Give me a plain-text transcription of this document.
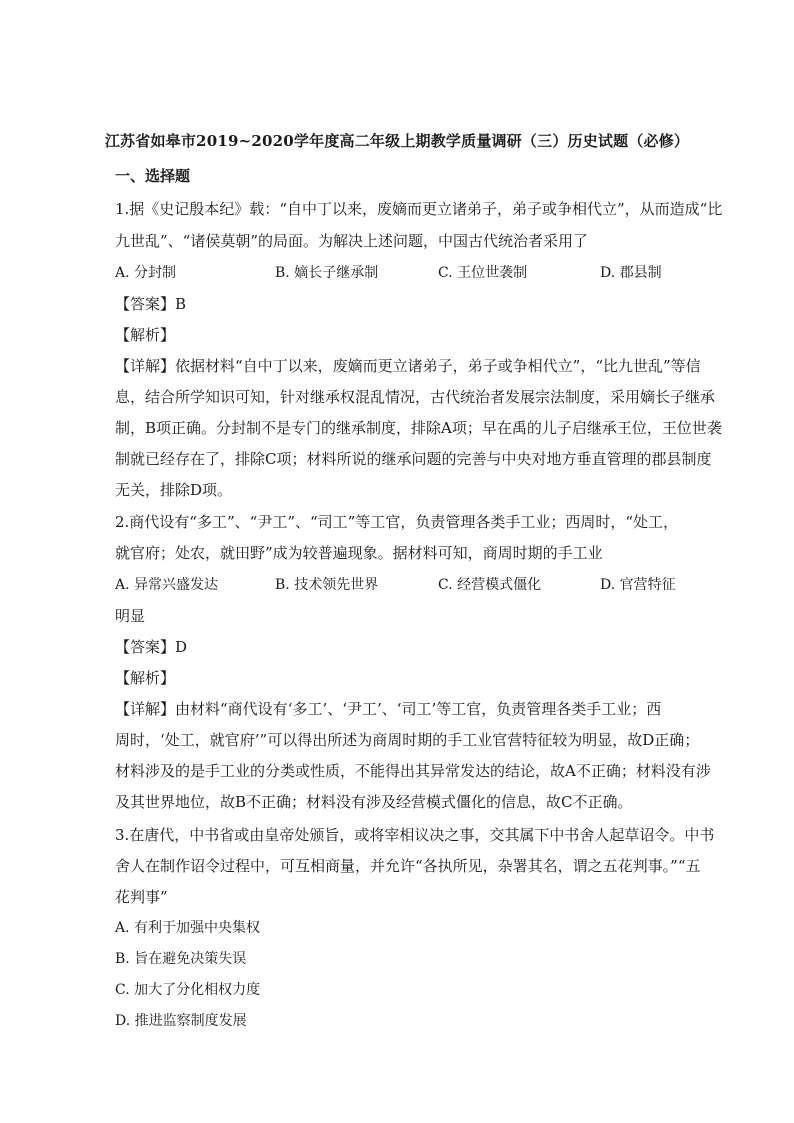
江苏省如皋市2019~2020学年度高二年级上期教学质量调研（三）历史试题（必修）
一、选择题
1.据《史记殷本纪》载：“自中丁以来，废嫡而更立诸弟子，弟子或争相代立”，从而造成“比
九世乱”、“诸侯莫朝”的局面。为解决上述问题，中国古代统治者采用了
A. 分封制	B. 嫡长子继承制	C. 王位世袭制	D. 郡县制
【答案】B
【解析】
【详解】依据材料“自中丁以来，废嫡而更立诸弟子，弟子或争相代立”，“比九世乱”等信
息，结合所学知识可知，针对继承权混乱情况，古代统治者发展宗法制度，采用嫡长子继承
制，B项正确。分封制不是专门的继承制度，排除A项；早在禹的儿子启继承王位，王位世袭
制就已经存在了，排除C项；材料所说的继承问题的完善与中央对地方垂直管理的郡县制度
无关，排除D项。
2.商代设有“多工”、“尹工”、“司工”等工官，负责管理各类手工业；西周时，“处工，
就官府；处农，就田野”成为较普遍现象。据材料可知，商周时期的手工业
A. 异常兴盛发达	B. 技术领先世界	C. 经营模式僵化	D. 官营特征
明显
【答案】D
【解析】
【详解】由材料“商代设有‘多工’、‘尹工’、‘司工’等工官，负责管理各类手工业；西
周时，‘处工，就官府’”可以得出所述为商周时期的手工业官营特征较为明显，故D正确；
材料涉及的是手工业的分类或性质，不能得出其异常发达的结论，故A不正确；材料没有涉
及其世界地位，故B不正确；材料没有涉及经营模式僵化的信息，故C不正确。
3.在唐代，中书省或由皇帝处颁旨，或将宰相议决之事，交其属下中书舍人起草诏令。中书
舍人在制作诏令过程中，可互相商量，并允许“各执所见，杂署其名，谓之五花判事。”“五
花判事”
A. 有利于加强中央集权
B. 旨在避免决策失误
C. 加大了分化相权力度
D. 推进监察制度发展
